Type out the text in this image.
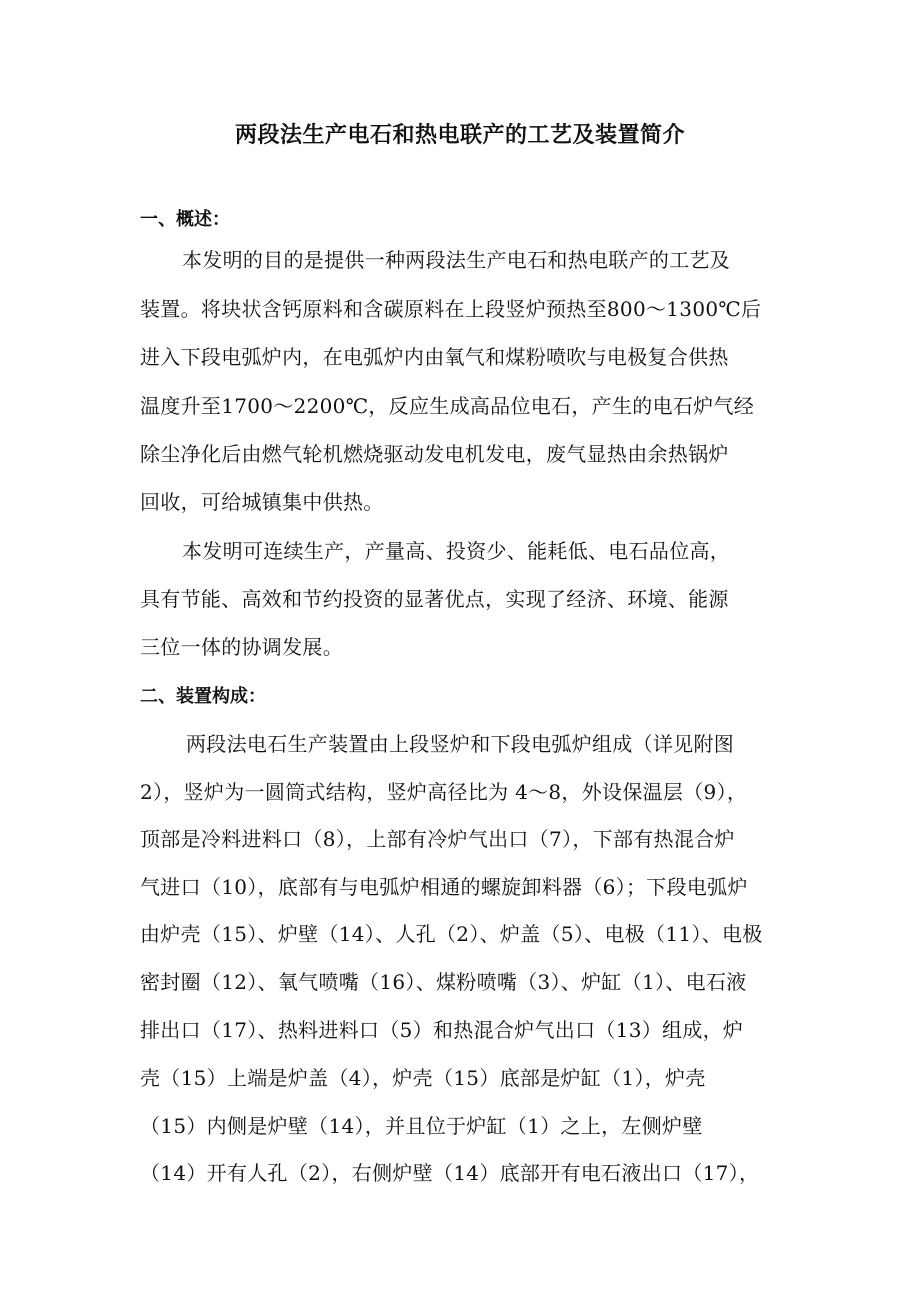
两段法生产电石和热电联产的工艺及装置简介
一、概述：
本发明的目的是提供一种两段法生产电石和热电联产的工艺及
装置。将块状含钙原料和含碳原料在上段竖炉预热至800～1300℃后
进入下段电弧炉内，在电弧炉内由氧气和煤粉喷吹与电极复合供热
温度升至1700～2200℃，反应生成高品位电石，产生的电石炉气经
除尘净化后由燃气轮机燃烧驱动发电机发电，废气显热由余热锅炉
回收，可给城镇集中供热。
本发明可连续生产，产量高、投资少、能耗低、电石品位高，
具有节能、高效和节约投资的显著优点，实现了经济、环境、能源
三位一体的协调发展。
二、装置构成：
两段法电石生产装置由上段竖炉和下段电弧炉组成（详见附图
2），竖炉为一圆筒式结构，竖炉高径比为 4～8，外设保温层（9），
顶部是冷料进料口（8），上部有冷炉气出口（7），下部有热混合炉
气进口（10），底部有与电弧炉相通的螺旋卸料器（6）；下段电弧炉
由炉壳（15）、炉壁（14）、人孔（2）、炉盖（5）、电极（11）、电极
密封圈（12）、氧气喷嘴（16）、煤粉喷嘴（3）、炉缸（1）、电石液
排出口（17）、热料进料口（5）和热混合炉气出口（13）组成，炉
壳（15）上端是炉盖（4），炉壳（15）底部是炉缸（1），炉壳
（15）内侧是炉壁（14），并且位于炉缸（1）之上，左侧炉壁
（14）开有人孔（2），右侧炉壁（14）底部开有电石液出口（17），
